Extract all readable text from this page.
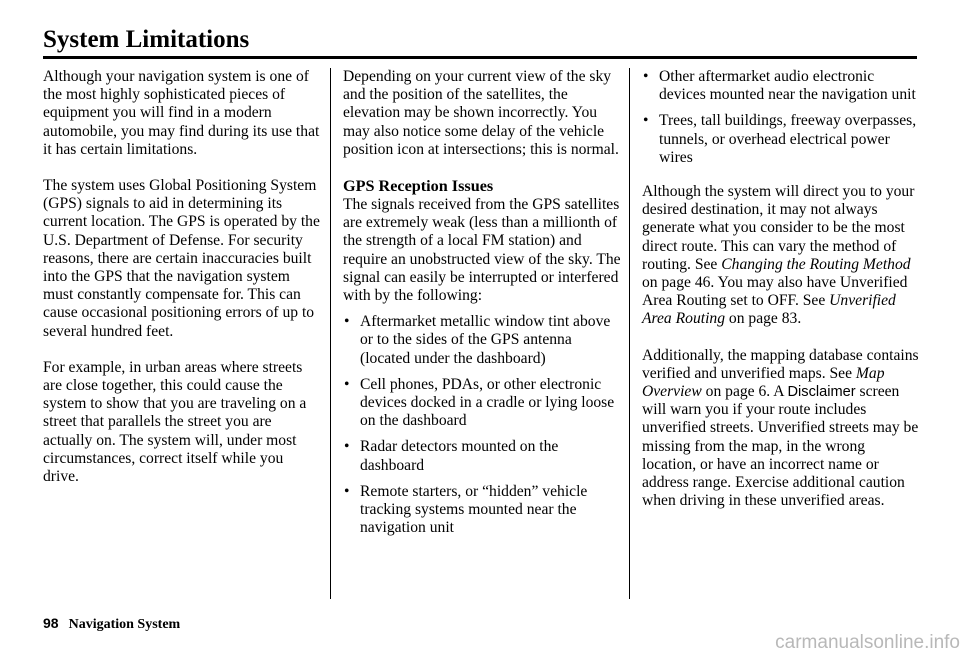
System Limitations

Although your navigation system is one of the most highly sophisticated pieces of equipment you will find in a modern automobile, you may find during its use that it has certain limitations.

The system uses Global Positioning System (GPS) signals to aid in determining its current location. The GPS is operated by the U.S. Department of Defense. For security reasons, there are certain inaccuracies built into the GPS that the navigation system must constantly compensate for. This can cause occasional positioning errors of up to several hundred feet.

For example, in urban areas where streets are close together, this could cause the system to show that you are traveling on a street that parallels the street you are actually on. The system will, under most circumstances, correct itself while you drive.

Depending on your current view of the sky and the position of the satellites, the elevation may be shown incorrectly. You may also notice some delay of the vehicle position icon at intersections; this is normal.

GPS Reception Issues

The signals received from the GPS satellites are extremely weak (less than a millionth of the strength of a local FM station) and require an unobstructed view of the sky. The signal can easily be interrupted or interfered with by the following:

• Aftermarket metallic window tint above or to the sides of the GPS antenna (located under the dashboard)
• Cell phones, PDAs, or other electronic devices docked in a cradle or lying loose on the dashboard
• Radar detectors mounted on the dashboard
• Remote starters, or “hidden” vehicle tracking systems mounted near the navigation unit
• Other aftermarket audio electronic devices mounted near the navigation unit
• Trees, tall buildings, freeway overpasses, tunnels, or overhead electrical power wires

Although the system will direct you to your desired destination, it may not always generate what you consider to be the most direct route. This can vary the method of routing. See Changing the Routing Method on page 46. You may also have Unverified Area Routing set to OFF. See Unverified Area Routing on page 83.

Additionally, the mapping database contains verified and unverified maps. See Map Overview on page 6. A Disclaimer screen will warn you if your route includes unverified streets. Unverified streets may be missing from the map, in the wrong location, or have an incorrect name or address range. Exercise additional caution when driving in these unverified areas.

98 Navigation System
carmanualsonline.info
